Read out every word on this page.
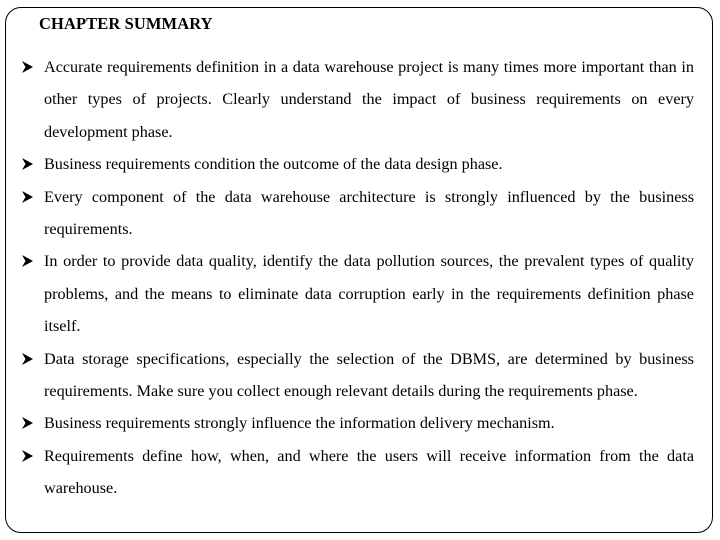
CHAPTER SUMMARY
Accurate requirements definition in a data warehouse project is many times more important than in other types of projects. Clearly understand the impact of business requirements on every development phase.
Business requirements condition the outcome of the data design phase.
Every component of the data warehouse architecture is strongly influenced by the business requirements.
In order to provide data quality, identify the data pollution sources, the prevalent types of quality problems, and the means to eliminate data corruption early in the requirements definition phase itself.
Data storage specifications, especially the selection of the DBMS, are determined by business requirements. Make sure you collect enough relevant details during the requirements phase.
Business requirements strongly influence the information delivery mechanism.
Requirements define how, when, and where the users will receive information from the data warehouse.
